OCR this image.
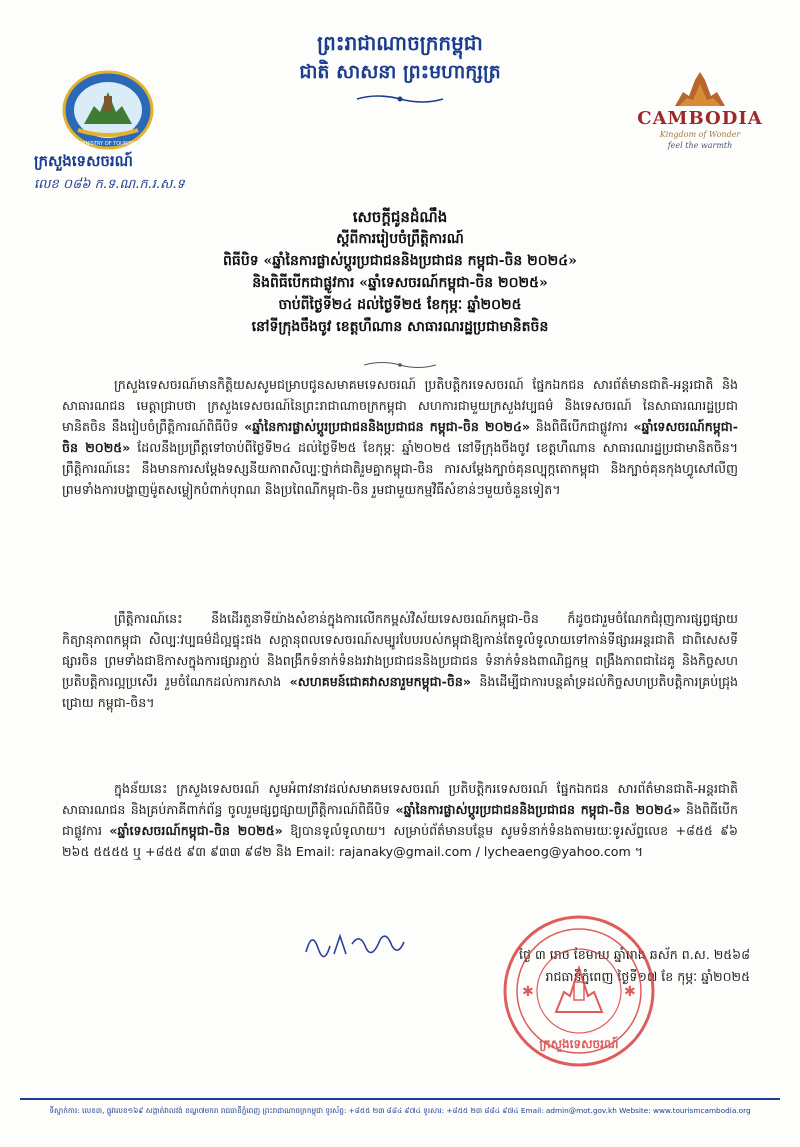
ព្រះរាជាណាចក្រកម្ពុជា
ជាតិ សាសនា ព្រះមហាក្សត្រ
MINISTRY OF TOURISM
CAMBODIA
Kingdom of Wonder
feel the warmth
ក្រសួងទេសចរណ៍
លេខ ០៨៦ ក.ទ.ណ.ក.រ.ស.ទ
សេចក្តីជូនដំណឹង
ស្តីពីការរៀបចំព្រឹត្តិការណ៍
ពិធីបិទ «ឆ្នាំនៃការផ្លាស់ប្តូរប្រជាជននិងប្រជាជន កម្ពុជា-ចិន ២០២៤»
និងពិធីបើកជាផ្លូវការ «ឆ្នាំទេសចរណ៍កម្ពុជា-ចិន ២០២៥»
ចាប់ពីថ្ងៃទី២៤ ដល់ថ្ងៃទី២៥ ខែកុម្ភៈ ឆ្នាំ២០២៥
នៅទីក្រុងចឹងចូវ ខេត្តហឺណាន សាធារណរដ្ឋប្រជាមានិតចិន
ក្រសួងទេសចរណ៍មានកិត្តិយសសូមជម្រាបជូនសមាគមទេសចរណ៍ ប្រតិបត្តិករទេសចរណ៍ ផ្នែកឯកជន សារព័ត៌មានជាតិ-អន្តរជាតិ និងសាធារណជន មេត្តាជ្រាបថា ក្រសួងទេសចរណ៍នៃព្រះរាជាណាចក្រកម្ពុជា សហការជាមួយក្រសួងវប្បធម៌ និងទេសចរណ៍ នៃសាធារណរដ្ឋប្រជាមានិតចិន នឹងរៀបចំព្រឹត្តិការណ៍ពិធីបិទ «ឆ្នាំនៃការផ្លាស់ប្តូរប្រជាជននិងប្រជាជន កម្ពុជា-ចិន ២០២៤» និងពិធីបើកជាផ្លូវការ «ឆ្នាំទេសចរណ៍កម្ពុជា-ចិន ២០២៥» ដែលនឹងប្រព្រឹត្តទៅចាប់ពីថ្ងៃទី២៤ ដល់ថ្ងៃទី២៥ ខែកុម្ភៈ ឆ្នាំ២០២៥ នៅទីក្រុងចឹងចូវ ខេត្តហឺណាន សាធារណរដ្ឋប្រជាមានិតចិន។ ព្រឹត្តិការណ៍នេះ នឹងមានការសម្តែងទស្សនីយភាពសិល្បៈថ្នាក់ជាតិរួមគ្នាកម្ពុជា-ចិន ការសម្តែងក្បាច់គុនល្បុក្កតោកម្ពុជា និងក្បាច់គុនកុងហ្វូសៅលីញ ព្រមទាំងការបង្ហាញម៉ូតសម្លៀកបំពាក់បុរាណ និងប្រពៃណីកម្ពុជា-ចិន រួមជាមួយកម្មវិធីសំខាន់ៗមួយចំនួនទៀត។
ព្រឹត្តិការណ៍នេះ នឹងដើរតួនាទីយ៉ាងសំខាន់ក្នុងការលើកកម្ពស់វិស័យទេសចរណ៍កម្ពុជា-ចិន ក៏ដូចជារួមចំណែកជំរុញការផ្សព្វផ្សាយកិត្យានុភាពកម្ពុជា សិល្បៈវប្បធម៌ដ៏ល្អផ្ទុះផង សក្តានុពលទេសចរណ៍សម្បូរបែបរបស់កម្ពុជាឱ្យកាន់តែទូលំទូលាយទៅកាន់ទីផ្សារអន្តរជាតិ ជាពិសេសទីផ្សារចិន ព្រមទាំងជាឱកាសក្នុងការផ្សារភ្ជាប់ និងពង្រឹកទំនាក់ទំនងរវាងប្រជាជននិងប្រជាជន ទំនាក់ទំនងពាណិជ្ជកម្ម ពង្រឹងភាពជាដៃគូ និងកិច្ចសហប្រតិបត្តិការល្អប្រសើរ រួមចំណែកដល់ការកសាង «សហគមន៍ជោគវាសនារួមកម្ពុជា-ចិន» និងដើម្បីជាការបន្តគាំទ្រដល់កិច្ចសហប្រតិបត្តិការគ្រប់ជ្រុងជ្រោយ កម្ពុជា-ចិន។
ក្នុងន័យនេះ ក្រសួងទេសចរណ៍ សូមអំពាវនាវដល់សមាគមទេសចរណ៍ ប្រតិបត្តិករទេសចរណ៍ ផ្នែកឯកជន សារព័ត៌មានជាតិ-អន្តរជាតិ សាធារណជន និងគ្រប់ភាគីពាក់ព័ន្ធ ចូលរួមផ្សព្វផ្សាយព្រឹត្តិការណ៍ពិធីបិទ «ឆ្នាំនៃការផ្លាស់ប្តូរប្រជាជននិងប្រជាជន កម្ពុជា-ចិន ២០២៤» និងពិធីបើកជាផ្លូវការ «ឆ្នាំទេសចរណ៍កម្ពុជា-ចិន ២០២៥» ឱ្យបានទូលំទូលាយ។ សម្រាប់ព័ត៌មានបន្ថែម សូមទំនាក់ទំនងតាមរយៈទូរស័ព្ទលេខ +៨៥៥ ៩៦ ២៦៥ ៥៥៥៥ ឬ +៨៥៥ ៩៣ ៩៣៣ ៩៨២ និង Email: rajanaky@gmail.com / lycheaeng@yahoo.com ។
ថ្ងៃ ៣ រោច ខែមាឃ ឆ្នាំរោង ឆស័ក ព.ស. ២៥៦៨
រាជធានីភ្នំពេញ ថ្ងៃទី១៧ ខែ កុម្ភៈ ឆ្នាំ២០២៥
ក្រសួងទេសចរណ៍
✱	✱
ទីស្នាក់ការ: លេខ៣, ផ្លូវលេខ១៦៩ សង្កាត់វាលវង់ ខណ្ឌ៧មករា រាជធានីភ្នំពេញ ព្រះរាជាណាចក្រកម្ពុជា ទូរស័ព្ទ: +៨៥៥ ២៣ ៨៨៤ ៩៧៤ ទូរសារ: +៨៥៥ ២៣ ៨៨៤ ៩៧៤ Email: admin@mot.gov.kh Website: www.tourismcambodia.org
